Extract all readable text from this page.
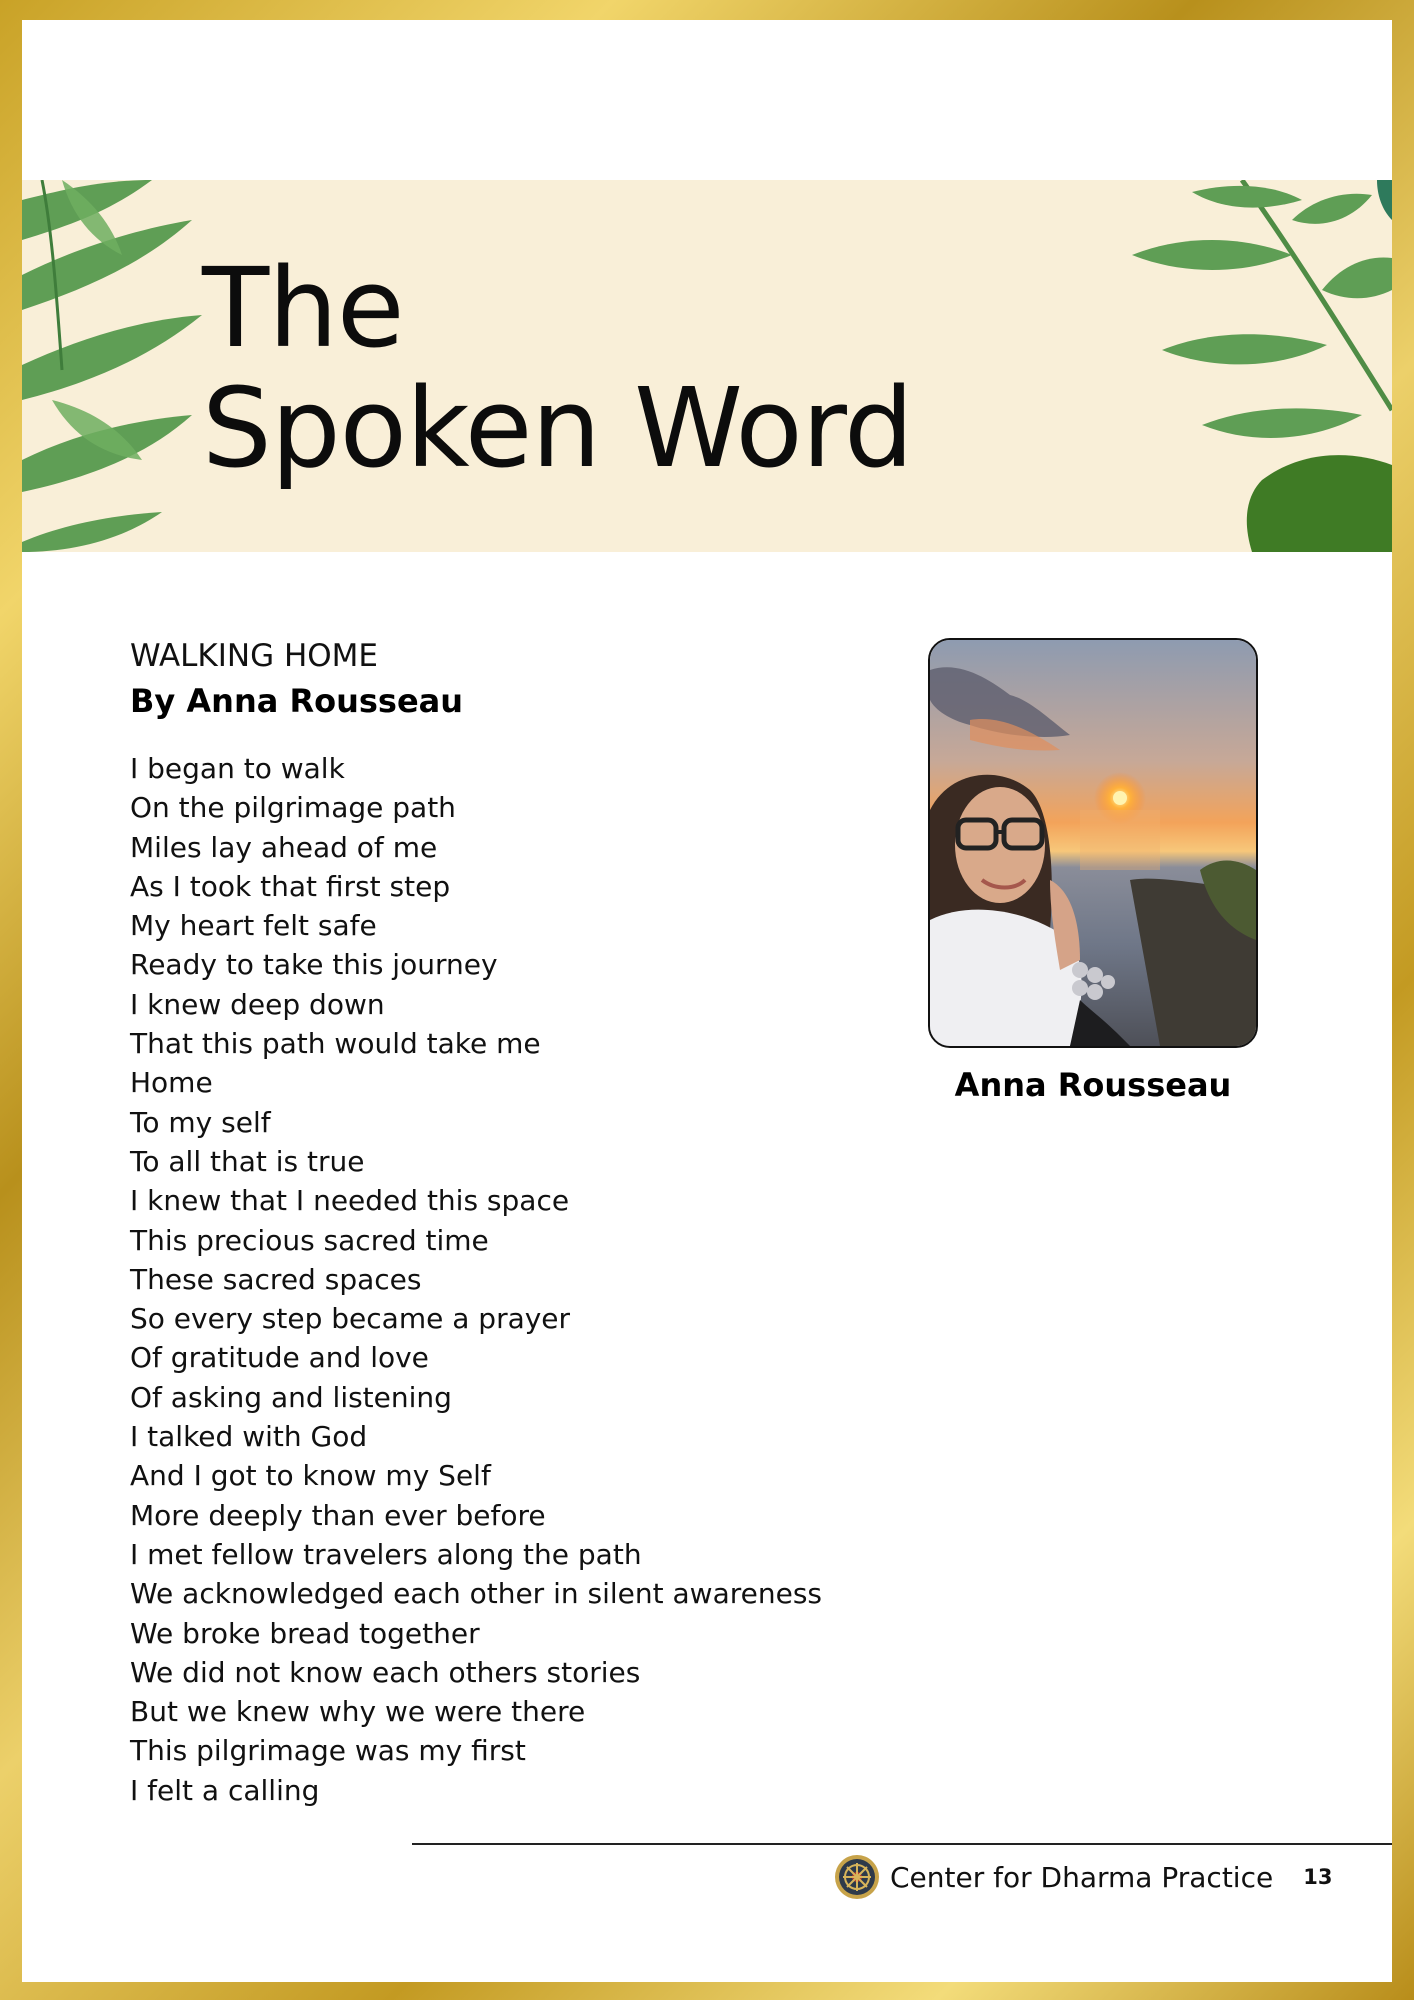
The
Spoken Word
WALKING HOME

By Anna Rousseau

I began to walk
On the pilgrimage path
Miles lay ahead of me
As I took that first step
My heart felt safe
Ready to take this journey
I knew deep down
That this path would take me
Home
To my self
To all that is true
I knew that I needed this space
This precious sacred time
These sacred spaces
So every step became a prayer
Of gratitude and love
Of asking and listening
I talked with God
And I got to know my Self
More deeply than ever before
I met fellow travelers along the path
We acknowledged each other in silent awareness
We broke bread together
We did not know each others stories
But we knew why we were there
This pilgrimage was my first
I felt a calling

Anna Rousseau

Center for Dharma Practice 13
